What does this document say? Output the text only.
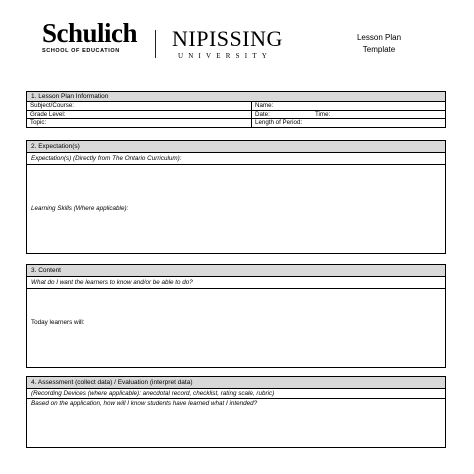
Schulich
SCHOOL OF EDUCATION	NIPISSING
UNIVERSITY
Lesson Plan
Template
1. Lesson Plan Information
Subject/Course:	Name:
Grade Level:	Date:	Time:
Topic:	Length of Period:
2. Expectation(s)
Expectation(s) (Directly from The Ontario Curriculum):
Learning Skills (Where applicable):
3. Content
What do I want the learners to know and/or be able to do?
Today learners will:
4. Assessment (collect data) / Evaluation (interpret data)
(Recording Devices (where applicable): anecdotal record, checklist, rating scale, rubric)
Based on the application, how will I know students have learned what I intended?
